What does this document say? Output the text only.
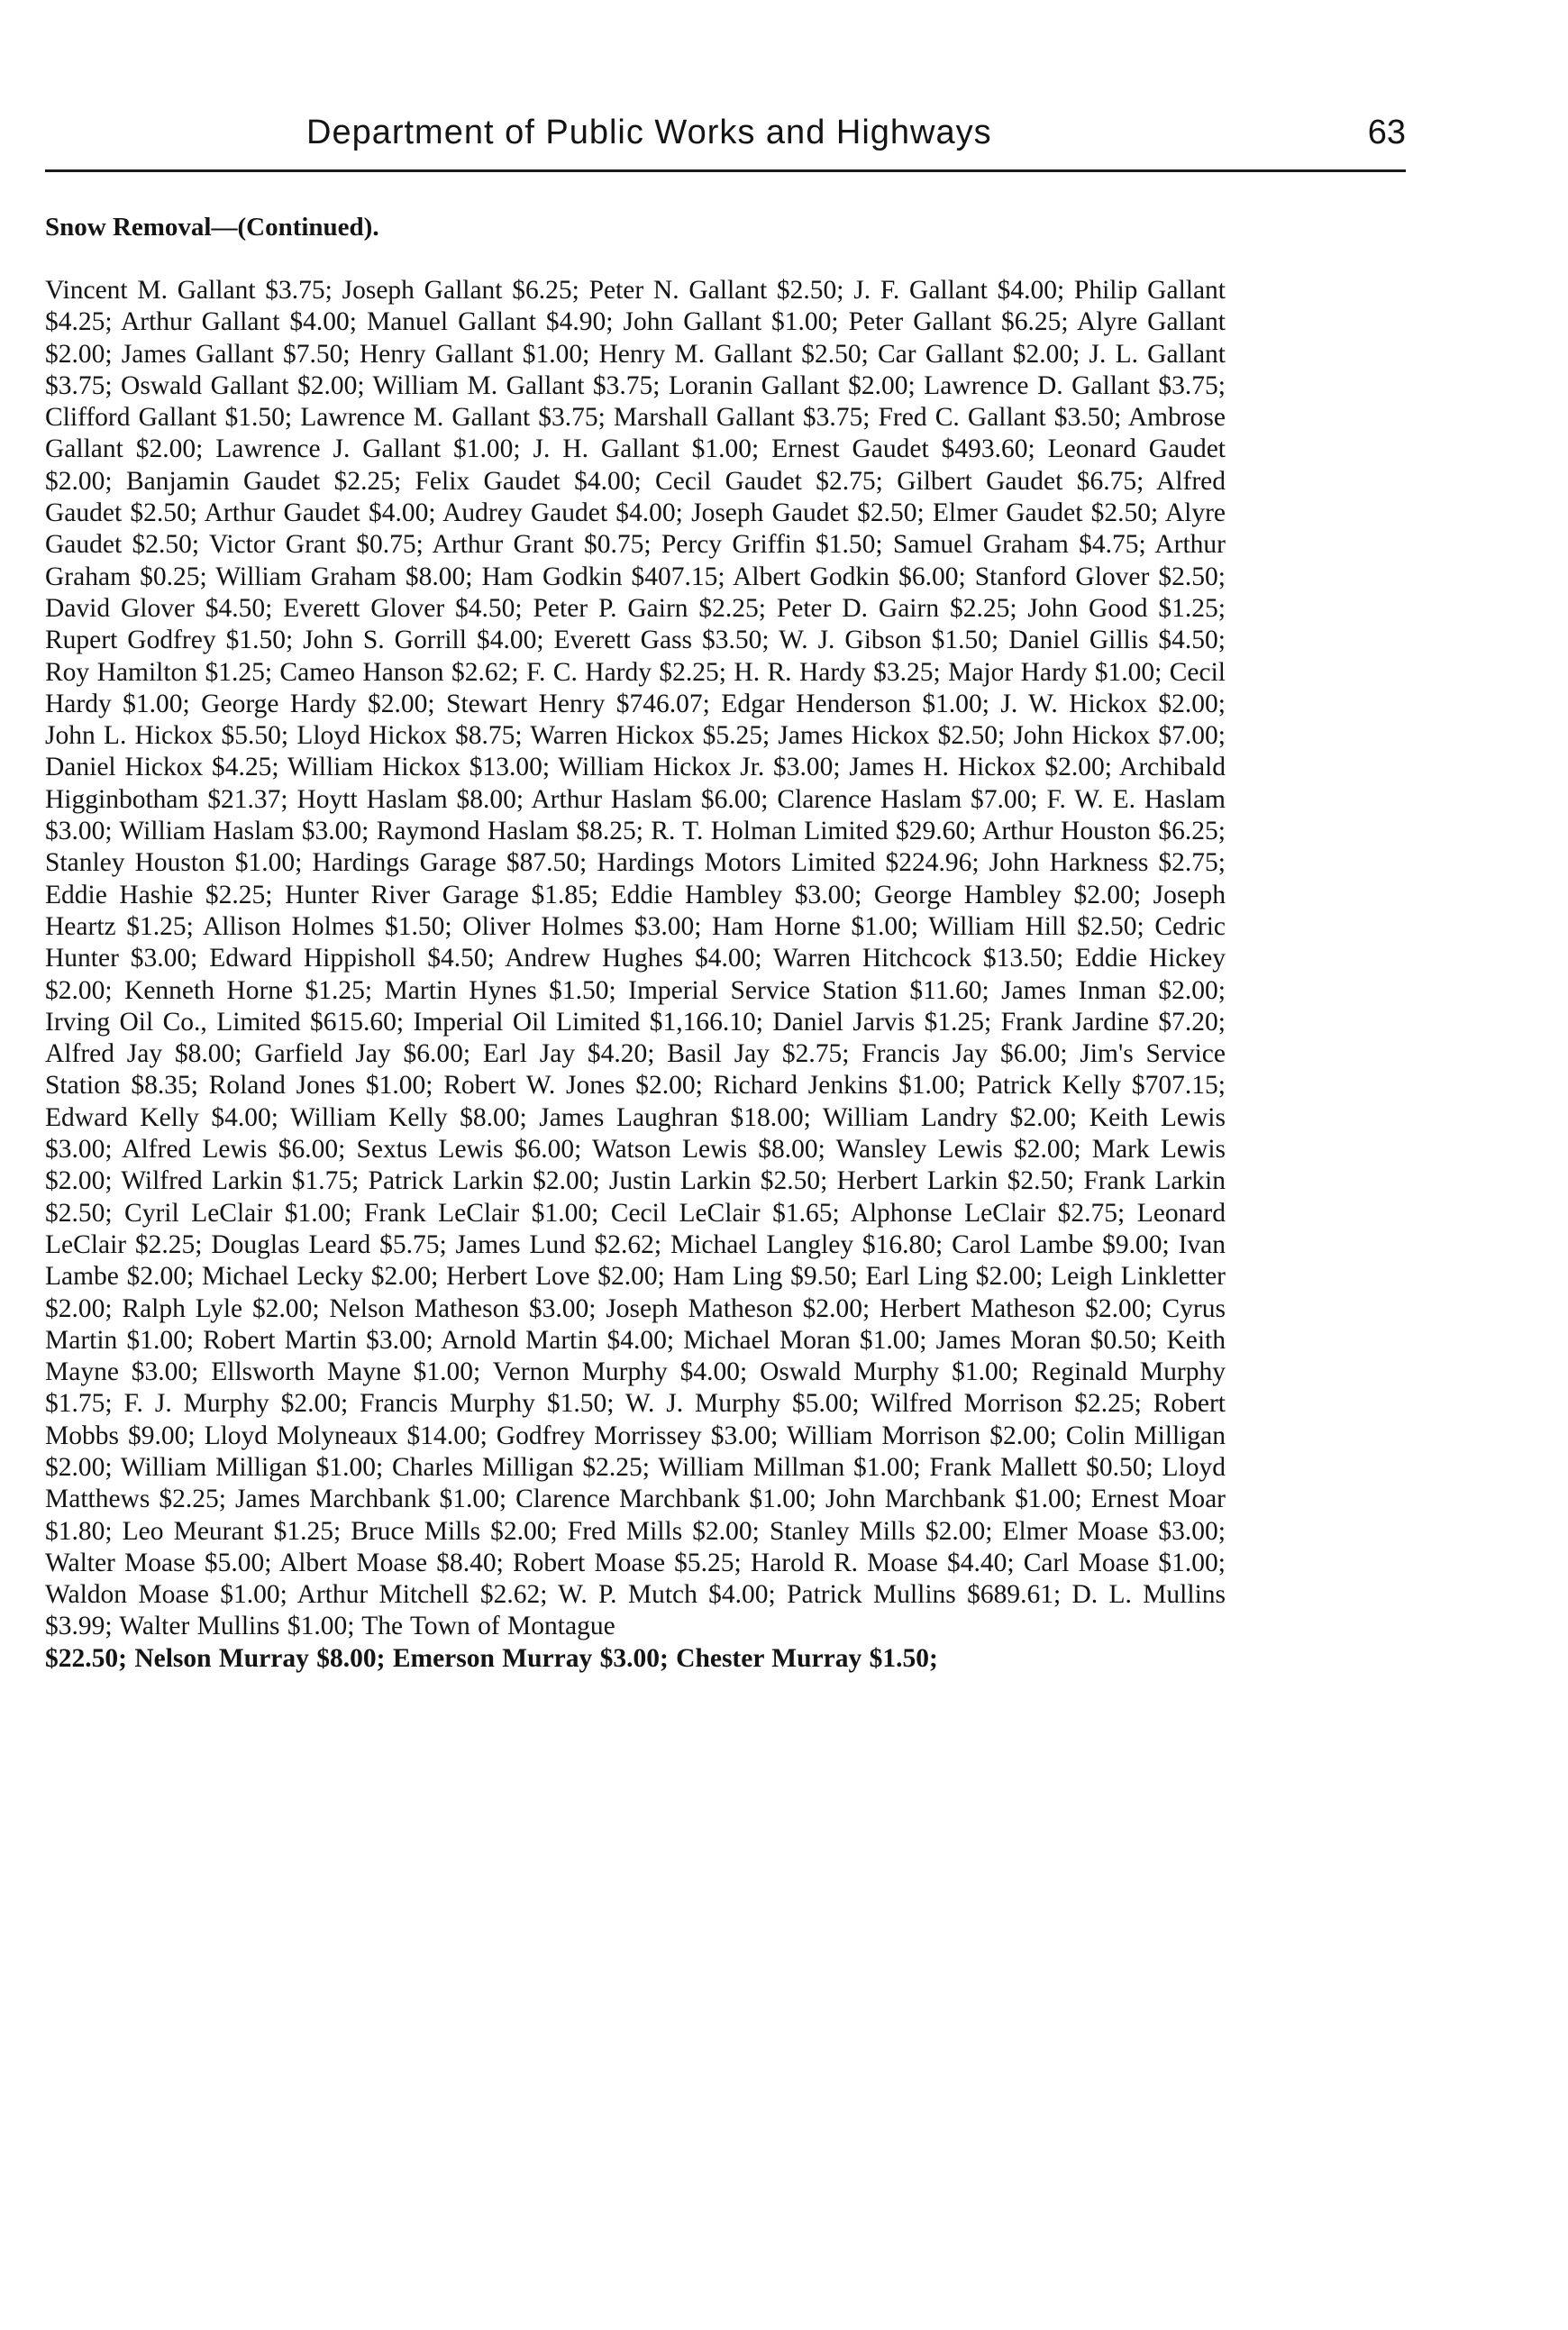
Department of Public Works and Highways	63
Snow Removal—(Continued).

Vincent M. Gallant $3.75; Joseph Gallant $6.25; Peter N. Gallant $2.50; J. F. Gallant $4.00; Philip Gallant $4.25; Arthur Gallant $4.00; Manuel Gallant $4.90; John Gallant $1.00; Peter Gallant $6.25; Alyre Gallant $2.00; James Gallant $7.50; Henry Gallant $1.00; Henry M. Gallant $2.50; Car Gallant $2.00; J. L. Gallant $3.75; Oswald Gallant $2.00; William M. Gallant $3.75; Loranin Gallant $2.00; Lawrence D. Gallant $3.75; Clifford Gallant $1.50; Lawrence M. Gallant $3.75; Marshall Gallant $3.75; Fred C. Gallant $3.50; Ambrose Gallant $2.00; Lawrence J. Gallant $1.00; J. H. Gallant $1.00; Ernest Gaudet $493.60; Leonard Gaudet $2.00; Banjamin Gaudet $2.25; Felix Gaudet $4.00; Cecil Gaudet $2.75; Gilbert Gaudet $6.75; Alfred Gaudet $2.50; Arthur Gaudet $4.00; Audrey Gaudet $4.00; Joseph Gaudet $2.50; Elmer Gaudet $2.50; Alyre Gaudet $2.50; Victor Grant $0.75; Arthur Grant $0.75; Percy Griffin $1.50; Samuel Graham $4.75; Arthur Graham $0.25; William Graham $8.00; Ham Godkin $407.15; Albert Godkin $6.00; Stanford Glover $2.50; David Glover $4.50; Everett Glover $4.50; Peter P. Gairn $2.25; Peter D. Gairn $2.25; John Good $1.25; Rupert Godfrey $1.50; John S. Gorrill $4.00; Everett Gass $3.50; W. J. Gibson $1.50; Daniel Gillis $4.50; Roy Hamilton $1.25; Cameo Hanson $2.62; F. C. Hardy $2.25; H. R. Hardy $3.25; Major Hardy $1.00; Cecil Hardy $1.00; George Hardy $2.00; Stewart Henry $746.07; Edgar Henderson $1.00; J. W. Hickox $2.00; John L. Hickox $5.50; Lloyd Hickox $8.75; Warren Hickox $5.25; James Hickox $2.50; John Hickox $7.00; Daniel Hickox $4.25; William Hickox $13.00; William Hickox Jr. $3.00; James H. Hickox $2.00; Archibald Higginbotham $21.37; Hoytt Haslam $8.00; Arthur Haslam $6.00; Clarence Haslam $7.00; F. W. E. Haslam $3.00; William Haslam $3.00; Raymond Haslam $8.25; R. T. Holman Limited $29.60; Arthur Houston $6.25; Stanley Houston $1.00; Hardings Garage $87.50; Hardings Motors Limited $224.96; John Harkness $2.75; Eddie Hashie $2.25; Hunter River Garage $1.85; Eddie Hambley $3.00; George Hambley $2.00; Joseph Heartz $1.25; Allison Holmes $1.50; Oliver Holmes $3.00; Ham Horne $1.00; William Hill $2.50; Cedric Hunter $3.00; Edward Hippisholl $4.50; Andrew Hughes $4.00; Warren Hitchcock $13.50; Eddie Hickey $2.00; Kenneth Horne $1.25; Martin Hynes $1.50; Imperial Service Station $11.60; James Inman $2.00; Irving Oil Co., Limited $615.60; Imperial Oil Limited $1,166.10; Daniel Jarvis $1.25; Frank Jardine $7.20; Alfred Jay $8.00; Garfield Jay $6.00; Earl Jay $4.20; Basil Jay $2.75; Francis Jay $6.00; Jim's Service Station $8.35; Roland Jones $1.00; Robert W. Jones $2.00; Richard Jenkins $1.00; Patrick Kelly $707.15; Edward Kelly $4.00; William Kelly $8.00; James Laughran $18.00; William Landry $2.00; Keith Lewis $3.00; Alfred Lewis $6.00; Sextus Lewis $6.00; Watson Lewis $8.00; Wansley Lewis $2.00; Mark Lewis $2.00; Wilfred Larkin $1.75; Patrick Larkin $2.00; Justin Larkin $2.50; Herbert Larkin $2.50; Frank Larkin $2.50; Cyril LeClair $1.00; Frank LeClair $1.00; Cecil LeClair $1.65; Alphonse LeClair $2.75; Leonard LeClair $2.25; Douglas Leard $5.75; James Lund $2.62; Michael Langley $16.80; Carol Lambe $9.00; Ivan Lambe $2.00; Michael Lecky $2.00; Herbert Love $2.00; Ham Ling $9.50; Earl Ling $2.00; Leigh Linkletter $2.00; Ralph Lyle $2.00; Nelson Matheson $3.00; Joseph Matheson $2.00; Herbert Matheson $2.00; Cyrus Martin $1.00; Robert Martin $3.00; Arnold Martin $4.00; Michael Moran $1.00; James Moran $0.50; Keith Mayne $3.00; Ellsworth Mayne $1.00; Vernon Murphy $4.00; Oswald Murphy $1.00; Reginald Murphy $1.75; F. J. Murphy $2.00; Francis Murphy $1.50; W. J. Murphy $5.00; Wilfred Morrison $2.25; Robert Mobbs $9.00; Lloyd Molyneaux $14.00; Godfrey Morrissey $3.00; William Morrison $2.00; Colin Milligan $2.00; William Milligan $1.00; Charles Milligan $2.25; William Millman $1.00; Frank Mallett $0.50; Lloyd Matthews $2.25; James Marchbank $1.00; Clarence Marchbank $1.00; John Marchbank $1.00; Ernest Moar $1.80; Leo Meurant $1.25; Bruce Mills $2.00; Fred Mills $2.00; Stanley Mills $2.00; Elmer Moase $3.00; Walter Moase $5.00; Albert Moase $8.40; Robert Moase $5.25; Harold R. Moase $4.40; Carl Moase $1.00; Waldon Moase $1.00; Arthur Mitchell $2.62; W. P. Mutch $4.00; Patrick Mullins $689.61; D. L. Mullins $3.99; Walter Mullins $1.00; The Town of Montague

$22.50; Nelson Murray $8.00; Emerson Murray $3.00; Chester Murray $1.50;
